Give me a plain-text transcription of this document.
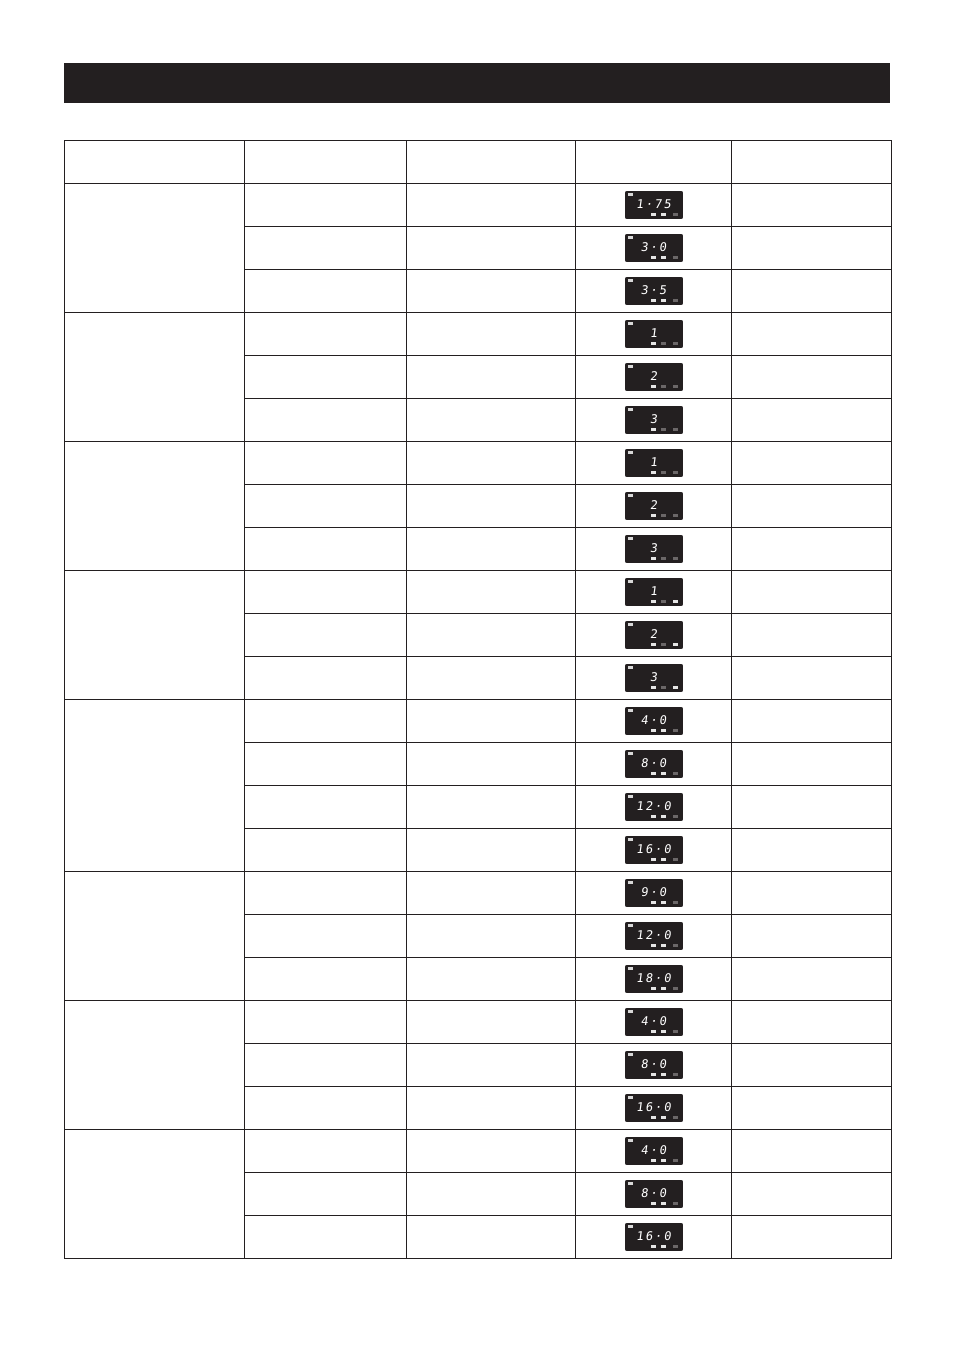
			1·75	

			3·0	

			3·5	

			1	

			2	

			3	

			1	

			2	

			3	

			1	

			2	

			3	

			4·0	

			8·0	

			12·0	

			16·0	

			9·0	

			12·0	

			18·0	

			4·0	

			8·0	

			16·0	

			4·0	

			8·0	

			16·0	
